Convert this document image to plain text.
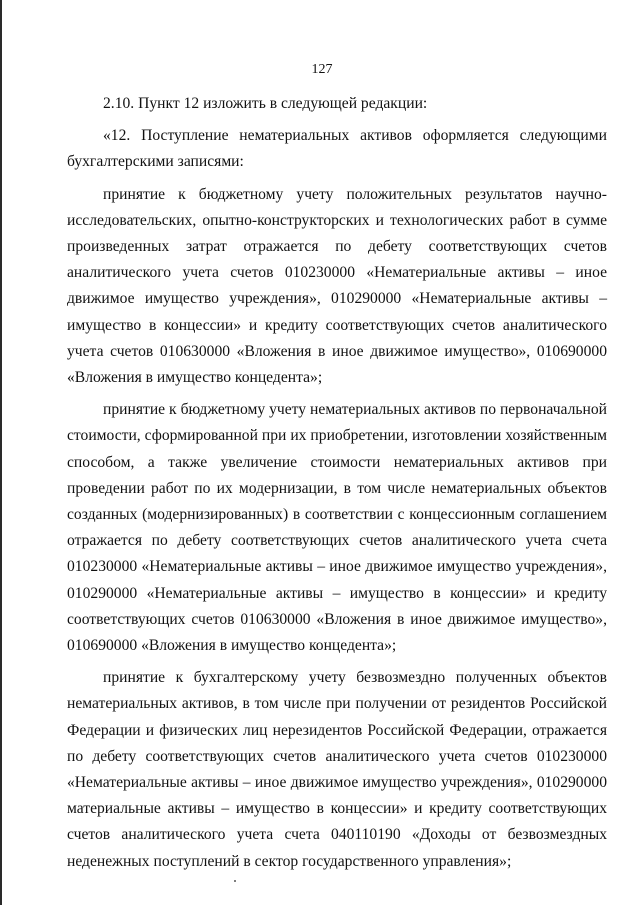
127

2.10. Пункт 12 изложить в следующей редакции:

«12. Поступление нематериальных активов оформляется следующими бухгалтерскими записями:

принятие к бюджетному учету положительных результатов научно-исследовательских, опытно-конструкторских и технологических работ в сумме произведенных затрат отражается по дебету соответствующих счетов аналитического учета счетов 010230000 «Нематериальные активы – иное движимое имущество учреждения», 010290000 «Нематериальные активы – имущество в концессии» и кредиту соответствующих счетов аналитического учета счетов 010630000 «Вложения в иное движимое имущество», 010690000 «Вложения в имущество концедента»;

принятие к бюджетному учету нематериальных активов по первоначальной стоимости, сформированной при их приобретении, изготовлении хозяйственным способом, а также увеличение стоимости нематериальных активов при проведении работ по их модернизации, в том числе нематериальных объектов созданных (модернизированных) в соответствии с концессионным соглашением отражается по дебету соответствующих счетов аналитического учета счета 010230000 «Нематериальные активы – иное движимое имущество учреждения», 010290000 «Нематериальные активы – имущество в концессии» и кредиту соответствующих счетов 010630000 «Вложения в иное движимое имущество», 010690000 «Вложения в имущество концедента»;

принятие к бухгалтерскому учету безвозмездно полученных объектов нематериальных активов, в том числе при получении от резидентов Российской Федерации и физических лиц нерезидентов Российской Федерации, отражается по дебету соответствующих счетов аналитического учета счетов 010230000 «Нематериальные активы – иное движимое имущество учреждения», 010290000 материальные активы – имущество в концессии» и кредиту соответствующих счетов аналитического учета счета 040110190 «Доходы от безвозмездных неденежных поступлений в сектор государственного управления»;
